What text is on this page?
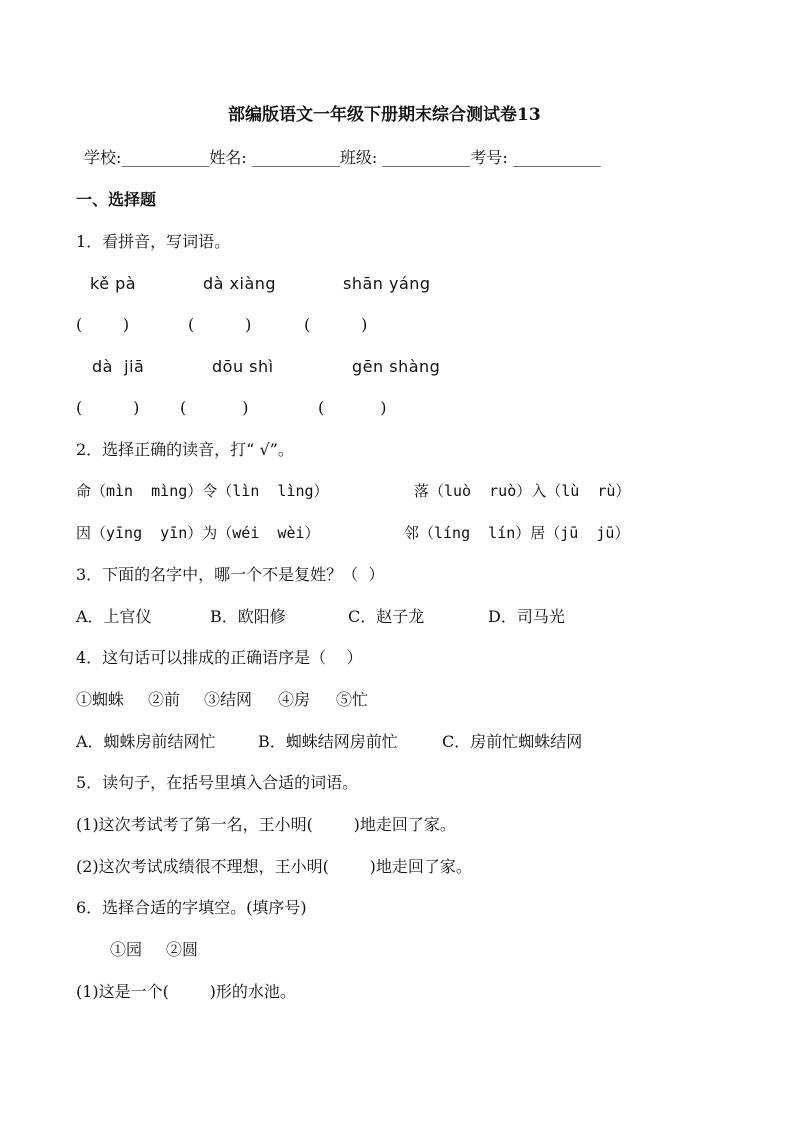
部编版语文一年级下册期末综合测试卷13
学校:___________姓名: ___________班级: ___________考号: ___________
一、选择题
1．看拼音，写词语。
kě pà	dà xiàng	shān yáng
(        )	(          )	(          )
dà  jiā	dōu shì	gēn shàng
(          )	(           )	(           )
2．选择正确的读音，打“ √”。
命（mìn  mìng）令（lìn  lìng）	落（luò  ruò）入（lù  rù）
因（yīng  yīn）为（wéi  wèi）	邻（líng  lín）居（jū  jū）
3．下面的名字中，哪一个不是复姓？（  ）
A．上官仪	B．欧阳修	C．赵子龙	D．司马光
4．这句话可以排成的正确语序是（    ）
①蜘蛛 ②前 ③结网 ④房 ⑤忙
A．蜘蛛房前结网忙	B．蜘蛛结网房前忙	C．房前忙蜘蛛结网
5．读句子，在括号里填入合适的词语。
(1)这次考试考了第一名，王小明(        )地走回了家。
(2)这次考试成绩很不理想，王小明(        )地走回了家。
6．选择合适的字填空。(填序号)
①园 ②圆
(1)这是一个(        )形的水池。
